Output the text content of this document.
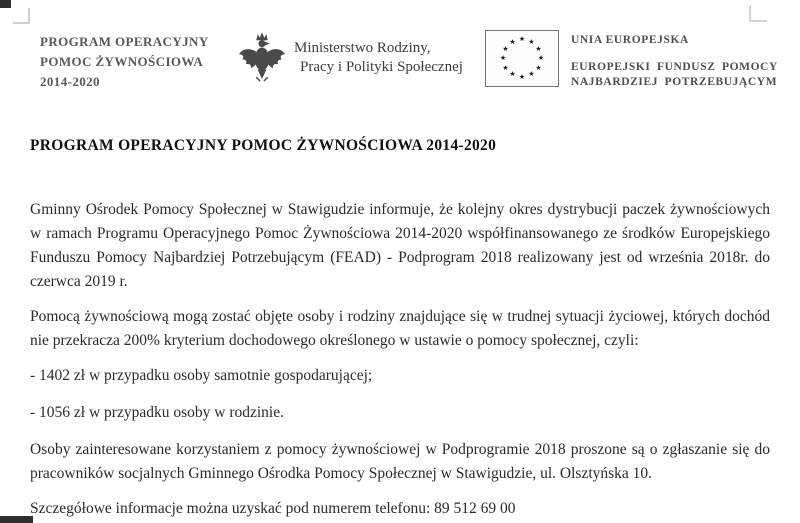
PROGRAM OPERACYJNY
POMOC ŻYWNOŚCIOWA
2014-2020
Ministerstwo Rodziny,
Pracy i Polityki Społecznej
★ ★
★
★
★
★
★
★
★
★
★
★	UNIA EUROPEJSKA
EUROPEJSKI FUNDUSZ POMOCY
NAJBARDZIEJ POTRZEBUJĄCYM
PROGRAM OPERACYJNY POMOC ŻYWNOŚCIOWA 2014-2020

Gminny Ośrodek Pomocy Społecznej w Stawigudzie informuje, że kolejny okres dystrybucji paczek żywnościowych w ramach Programu Operacyjnego Pomoc Żywnościowa 2014-2020 współfinansowanego ze środków Europejskiego Funduszu Pomocy Najbardziej Potrzebującym (FEAD) - Podprogram 2018 realizowany jest od września 2018r. do czerwca 2019 r.

Pomocą żywnościową mogą zostać objęte osoby i rodziny znajdujące się w trudnej sytuacji życiowej, których dochód nie przekracza 200% kryterium dochodowego określonego w ustawie o pomocy społecznej, czyli:

- 1402 zł w przypadku osoby samotnie gospodarującej;

- 1056 zł w przypadku osoby w rodzinie.

Osoby zainteresowane korzystaniem z pomocy żywnościowej w Podprogramie 2018 proszone są o zgłaszanie się do pracowników socjalnych Gminnego Ośrodka Pomocy Społecznej w Stawigudzie, ul. Olsztyńska 10.

Szczegółowe informacje można uzyskać pod numerem telefonu: 89 512 69 00
